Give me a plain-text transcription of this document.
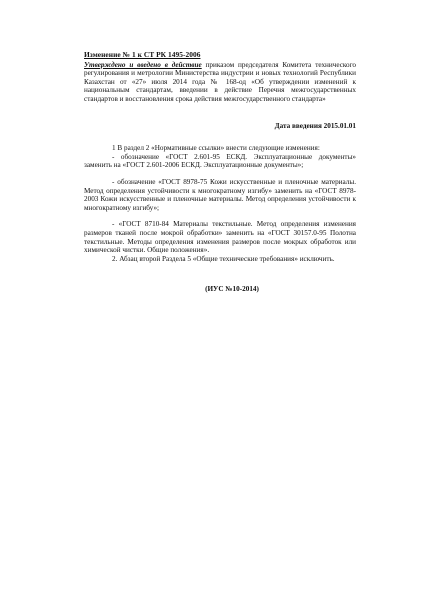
Изменение № 1 к СТ РК 1495-2006

Утверждено и введено в действие приказом председателя Комитета технического регулирования и метрологии Министерства индустрии и новых технологий Республики Казахстан от «27» июля 2014 года № 168-од «Об утверждении изменений к национальным стандартам, введении в действие Перечня межгосударственных стандартов и восстановления срока действия межгосударственного стандарта»

Дата введения 2015.01.01

1 В раздел 2 «Нормативные ссылки» внести следующие изменения:

- обозначение «ГОСТ 2.601-95 ЕСКД. Эксплуатационные документы» заменить на «ГОСТ 2.601-2006 ЕСКД. Эксплуатационные документы»;

- обозначение «ГОСТ 8978-75 Кожи искусственные и пленочные материалы. Метод определения устойчивости к многократному изгибу» заменить на «ГОСТ 8978-2003 Кожи искусственные и пленочные материалы. Метод определения устойчивости к многократному изгибу»;

- «ГОСТ 8710-84 Материалы текстильные. Метод определения изменения размеров тканей после мокрой обработки» заменить на «ГОСТ 30157.0-95 Полотна текстильные. Методы определения изменения размеров после мокрых обработок или химической чистки. Общие положения».

2. Абзац второй Раздела 5 «Общие технические требования» исключить.

(ИУС №10-2014)
